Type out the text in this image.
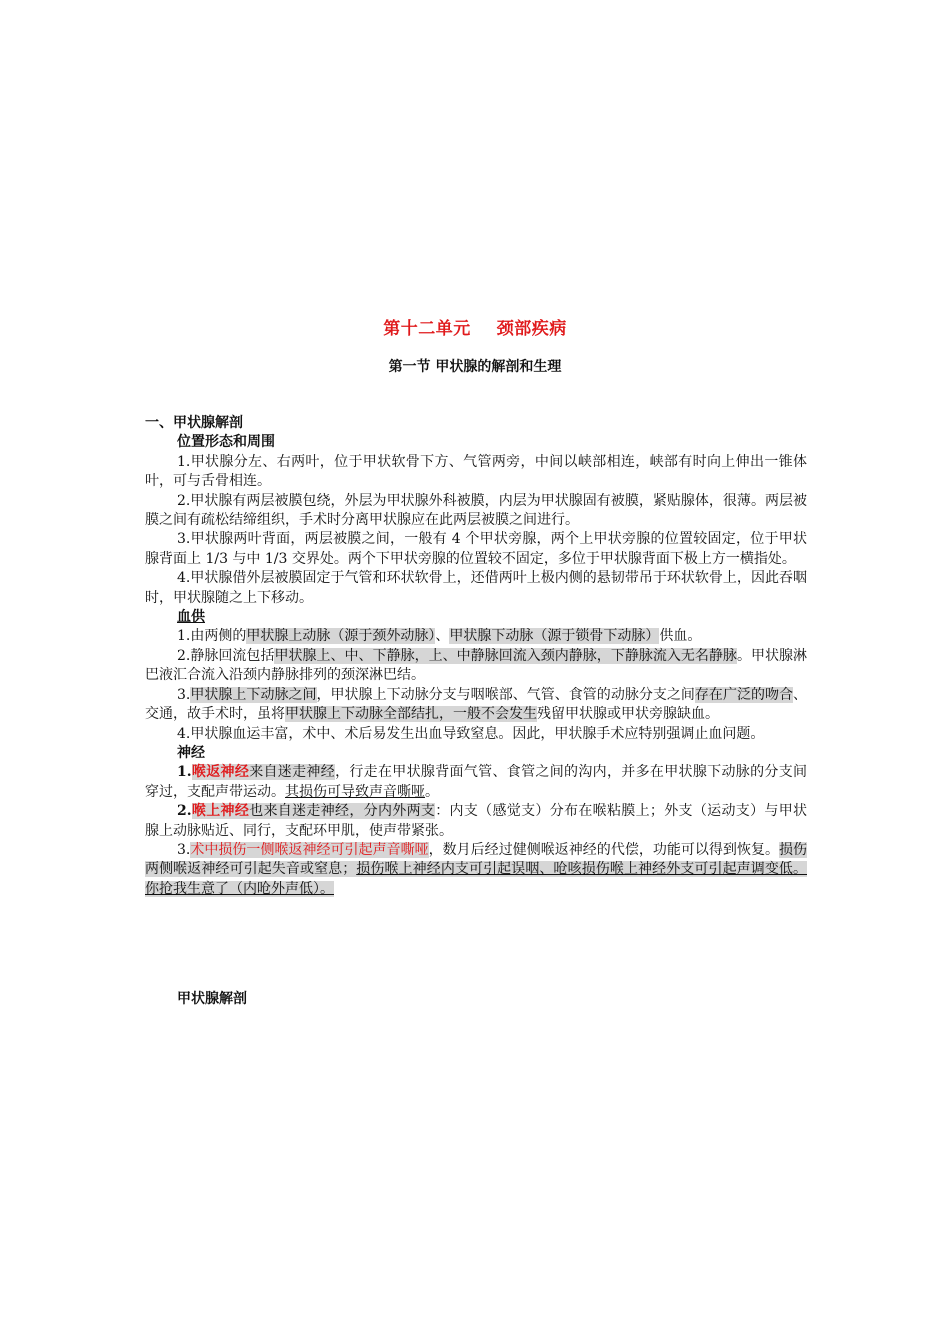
第十二单元 颈部疾病
第一节 甲状腺的解剖和生理
一、甲状腺解剖
位置形态和周围
1.甲状腺分左、右两叶，位于甲状软骨下方、气管两旁，中间以峡部相连，峡部有时向上伸出一锥体叶，可与舌骨相连。
2.甲状腺有两层被膜包绕，外层为甲状腺外科被膜，内层为甲状腺固有被膜，紧贴腺体，很薄。两层被膜之间有疏松结缔组织，手术时分离甲状腺应在此两层被膜之间进行。
3.甲状腺两叶背面，两层被膜之间，一般有 4 个甲状旁腺，两个上甲状旁腺的位置较固定，位于甲状腺背面上 1/3 与中 1/3 交界处。两个下甲状旁腺的位置较不固定，多位于甲状腺背面下极上方一横指处。
4.甲状腺借外层被膜固定于气管和环状软骨上，还借两叶上极内侧的悬韧带吊于环状软骨上，因此吞咽时，甲状腺随之上下移动。
血供
1.由两侧的甲状腺上动脉（源于颈外动脉）、甲状腺下动脉（源于锁骨下动脉）供血。
2.静脉回流包括甲状腺上、中、下静脉，上、中静脉回流入颈内静脉，下静脉流入无名静脉。甲状腺淋巴液汇合流入沿颈内静脉排列的颈深淋巴结。
3.甲状腺上下动脉之间，甲状腺上下动脉分支与咽喉部、气管、食管的动脉分支之间存在广泛的吻合、交通，故手术时，虽将甲状腺上下动脉全部结扎，一般不会发生残留甲状腺或甲状旁腺缺血。
4.甲状腺血运丰富，术中、术后易发生出血导致窒息。因此，甲状腺手术应特别强调止血问题。
神经
1.喉返神经来自迷走神经，行走在甲状腺背面气管、食管之间的沟内，并多在甲状腺下动脉的分支间穿过，支配声带运动。其损伤可导致声音嘶哑。
2.喉上神经也来自迷走神经，分内外两支：内支（感觉支）分布在喉粘膜上；外支（运动支）与甲状腺上动脉贴近、同行，支配环甲肌，使声带紧张。
3.术中损伤一侧喉返神经可引起声音嘶哑，数月后经过健侧喉返神经的代偿，功能可以得到恢复。损伤两侧喉返神经可引起失音或窒息；损伤喉上神经内支可引起误咽、呛咳损伤喉上神经外支可引起声调变低。你抢我生意了（内呛外声低）。
甲状腺解剖
